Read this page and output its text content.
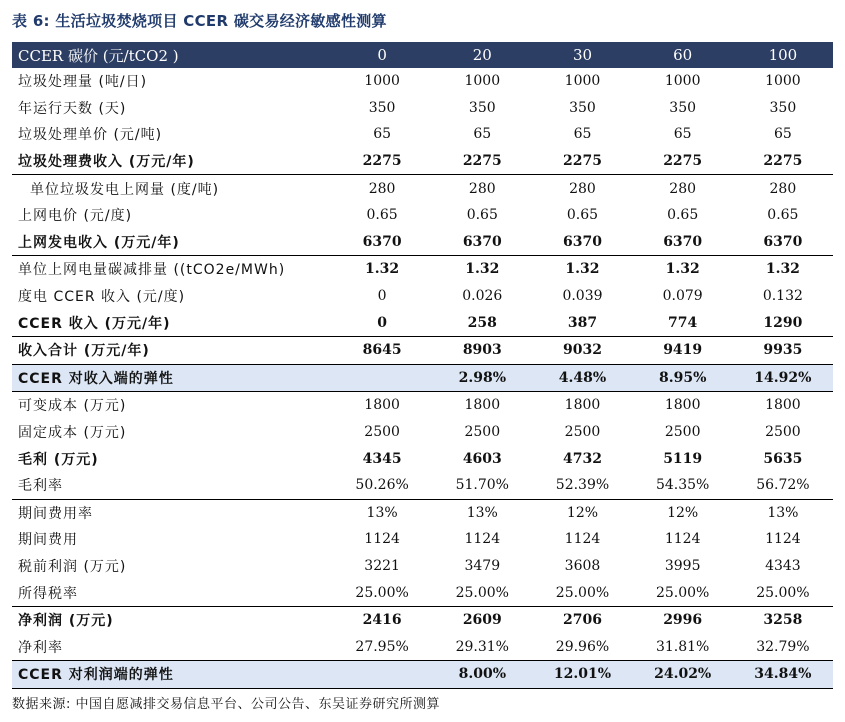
表 6: 生活垃圾焚烧项目 CCER 碳交易经济敏感性测算
CCER 碳价 (元/tCO2 )	0	20	30	60	100
垃圾处理量 (吨/日)	1000	1000	1000	1000	1000
年运行天数 (天)	350	350	350	350	350
垃圾处理单价 (元/吨)	65	65	65	65	65
垃圾处理费收入 (万元/年)	2275	2275	2275	2275	2275
单位垃圾发电上网量 (度/吨)	280	280	280	280	280
上网电价 (元/度)	0.65	0.65	0.65	0.65	0.65
上网发电收入 (万元/年)	6370	6370	6370	6370	6370
单位上网电量碳减排量 ((tCO2e/MWh)	1.32	1.32	1.32	1.32	1.32
度电 CCER 收入 (元/度)	0	0.026	0.039	0.079	0.132
CCER 收入 (万元/年)	0	258	387	774	1290
收入合计 (万元/年)	8645	8903	9032	9419	9935
CCER 对收入端的弹性		2.98%	4.48%	8.95%	14.92%
可变成本 (万元)	1800	1800	1800	1800	1800
固定成本 (万元)	2500	2500	2500	2500	2500
毛利 (万元)	4345	4603	4732	5119	5635
毛利率	50.26%	51.70%	52.39%	54.35%	56.72%
期间费用率	13%	13%	12%	12%	13%
期间费用	1124	1124	1124	1124	1124
税前利润 (万元)	3221	3479	3608	3995	4343
所得税率	25.00%	25.00%	25.00%	25.00%	25.00%
净利润 (万元)	2416	2609	2706	2996	3258
净利率	27.95%	29.31%	29.96%	31.81%	32.79%
CCER 对利润端的弹性		8.00%	12.01%	24.02%	34.84%
数据来源: 中国自愿减排交易信息平台、公司公告、东吴证券研究所测算
